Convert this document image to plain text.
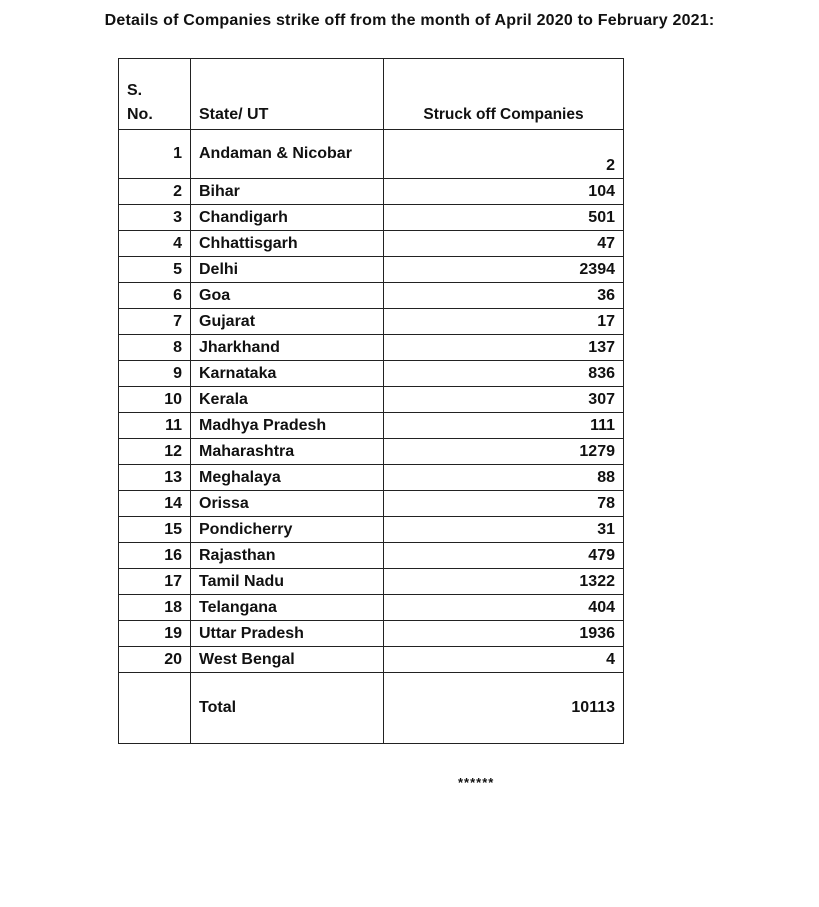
Details of Companies strike off from the month of April 2020 to February 2021:
S.
No.	State/ UT	Struck off Companies
1	Andaman & Nicobar	2
2	Bihar	104
3	Chandigarh	501
4	Chhattisgarh	47
5	Delhi	2394
6	Goa	36
7	Gujarat	17
8	Jharkhand	137
9	Karnataka	836
10	Kerala	307
11	Madhya Pradesh	111
12	Maharashtra	1279
13	Meghalaya	88
14	Orissa	78
15	Pondicherry	31
16	Rajasthan	479
17	Tamil Nadu	1322
18	Telangana	404
19	Uttar Pradesh	1936
20	West Bengal	4
	Total	10113
******
